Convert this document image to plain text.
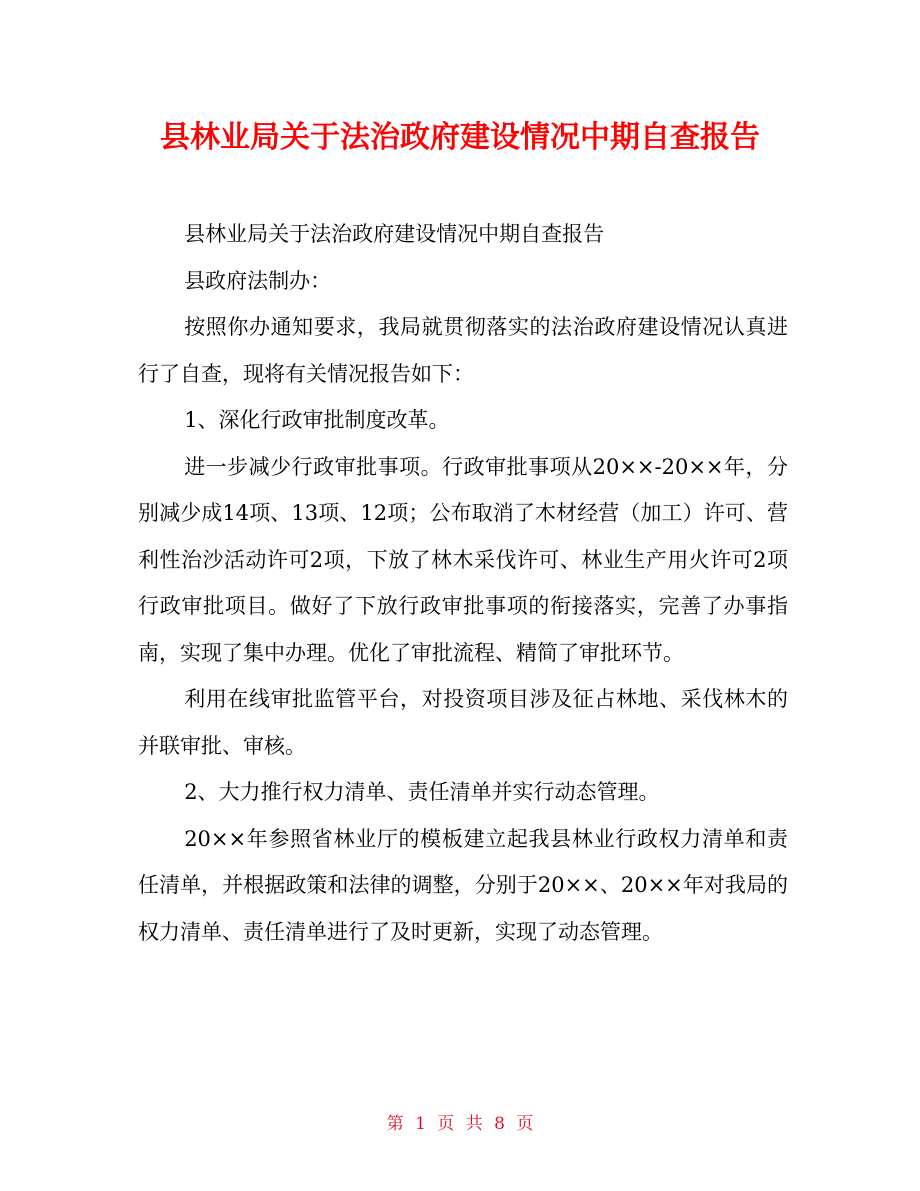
县林业局关于法治政府建设情况中期自查报告

县林业局关于法治政府建设情况中期自查报告

县政府法制办：

按照你办通知要求，我局就贯彻落实的法治政府建设情况认真进行了自查，现将有关情况报告如下：

1、深化行政审批制度改革。

进一步减少行政审批事项。行政审批事项从20××-20××年，分别减少成14项、13项、12项；公布取消了木材经营（加工）许可、营利性治沙活动许可2项，下放了林木采伐许可、林业生产用火许可2项行政审批项目。做好了下放行政审批事项的衔接落实，完善了办事指南，实现了集中办理。优化了审批流程、精简了审批环节。

利用在线审批监管平台，对投资项目涉及征占林地、采伐林木的并联审批、审核。

2、大力推行权力清单、责任清单并实行动态管理。

20××年参照省林业厅的模板建立起我县林业行政权力清单和责任清单，并根据政策和法律的调整，分别于20××、20××年对我局的权力清单、责任清单进行了及时更新，实现了动态管理。

第 1 页 共 8 页
